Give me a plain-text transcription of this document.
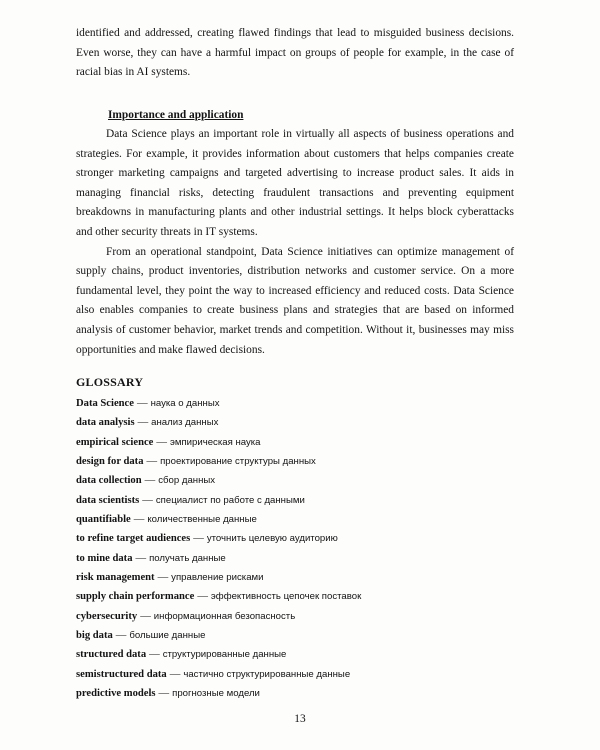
identified and addressed, creating flawed findings that lead to misguided business decisions. Even worse, they can have a harmful impact on groups of people for example, in the case of racial bias in AI systems.

Importance and application

Data Science plays an important role in virtually all aspects of business operations and strategies. For example, it provides information about customers that helps companies create stronger marketing campaigns and targeted advertising to increase product sales. It aids in managing financial risks, detecting fraudulent transactions and preventing equipment breakdowns in manufacturing plants and other industrial settings. It helps block cyberattacks and other security threats in IT systems.

From an operational standpoint, Data Science initiatives can optimize management of supply chains, product inventories, distribution networks and customer service. On a more fundamental level, they point the way to increased efficiency and reduced costs. Data Science also enables companies to create business plans and strategies that are based on informed analysis of customer behavior, market trends and competition. Without it, businesses may miss opportunities and make flawed decisions.

GLOSSARY
Data Science — наука о данных
data analysis — анализ данных
empirical science — эмпирическая наука
design for data — проектирование структуры данных
data collection — сбор данных
data scientists — специалист по работе с данными
quantifiable — количественные данные
to refine target audiences — уточнить целевую аудиторию
to mine data — получать данные
risk management — управление рисками
supply chain performance — эффективность цепочек поставок
cybersecurity — информационная безопасность
big data — большие данные
structured data — структурированные данные
semistructured data — частично структурированные данные
predictive models — прогнозные модели
13
